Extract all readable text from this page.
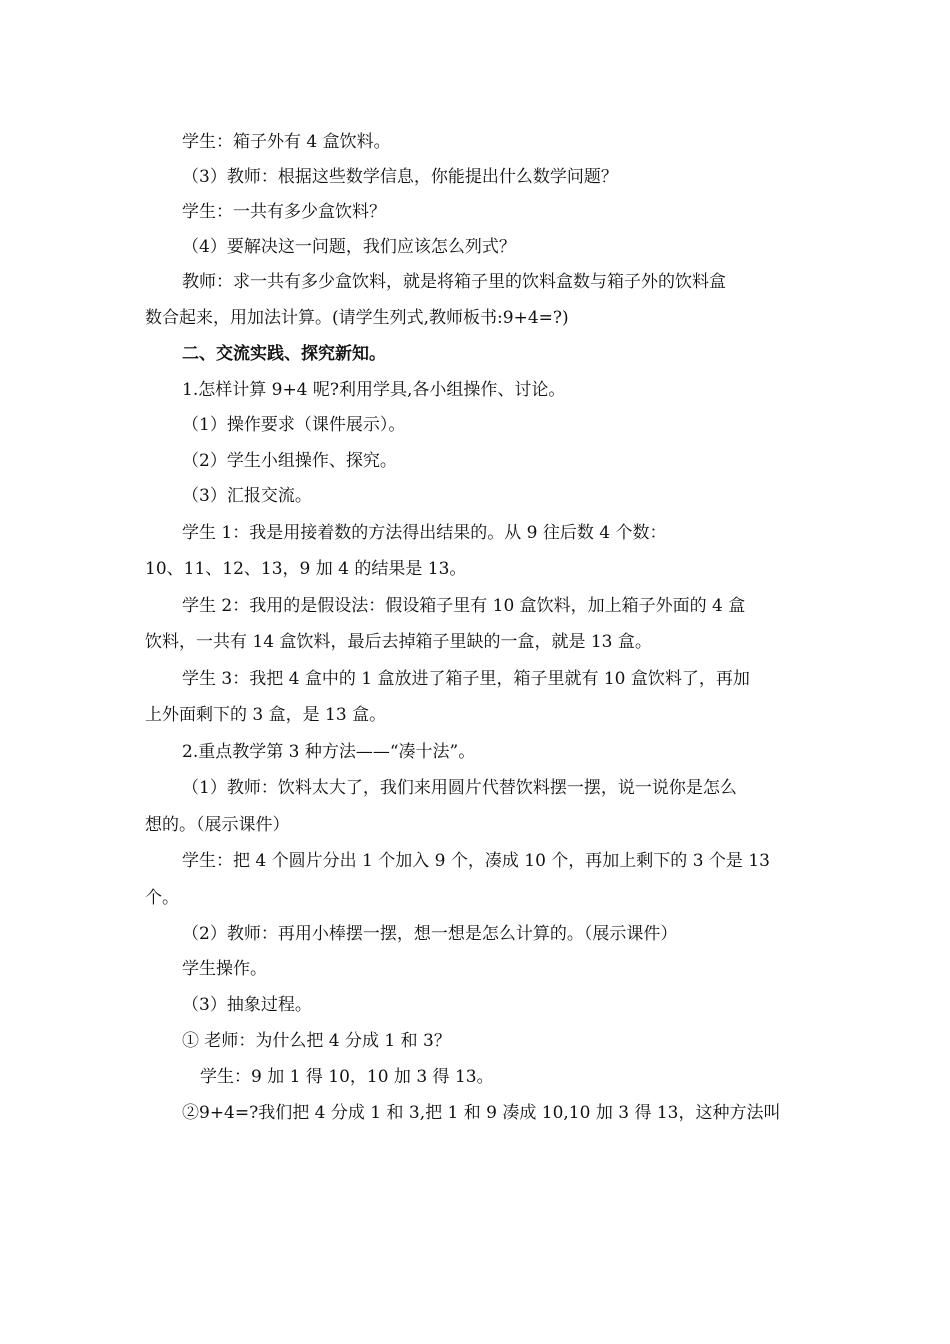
学生：箱子外有 4 盒饮料。
（3）教师：根据这些数学信息，你能提出什么数学问题？
学生：一共有多少盒饮料？
（4）要解决这一问题，我们应该怎么列式？
教师：求一共有多少盒饮料，就是将箱子里的饮料盒数与箱子外的饮料盒
数合起来，用加法计算。(请学生列式,教师板书:9+4=?)
二、交流实践、探究新知。
1.怎样计算 9+4 呢?利用学具,各小组操作、讨论。
（1）操作要求（课件展示）。
（2）学生小组操作、探究。
（3）汇报交流。
学生 1：我是用接着数的方法得出结果的。从 9 往后数 4 个数：
10、11、12、13，9 加 4 的结果是 13。
学生 2：我用的是假设法：假设箱子里有 10 盒饮料，加上箱子外面的 4 盒
饮料，一共有 14 盒饮料，最后去掉箱子里缺的一盒，就是 13 盒。
学生 3：我把 4 盒中的 1 盒放进了箱子里，箱子里就有 10 盒饮料了，再加
上外面剩下的 3 盒，是 13 盒。
2.重点教学第 3 种方法——“凑十法”。
（1）教师：饮料太大了，我们来用圆片代替饮料摆一摆，说一说你是怎么
想的。（展示课件）
学生：把 4 个圆片分出 1 个加入 9 个，凑成 10 个，再加上剩下的 3 个是 13
个。
（2）教师：再用小棒摆一摆，想一想是怎么计算的。（展示课件）
学生操作。
（3）抽象过程。
① 老师：为什么把 4 分成 1 和 3？
学生：9 加 1 得 10，10 加 3 得 13。
②9+4=?我们把 4 分成 1 和 3,把 1 和 9 凑成 10,10 加 3 得 13，这种方法叫
